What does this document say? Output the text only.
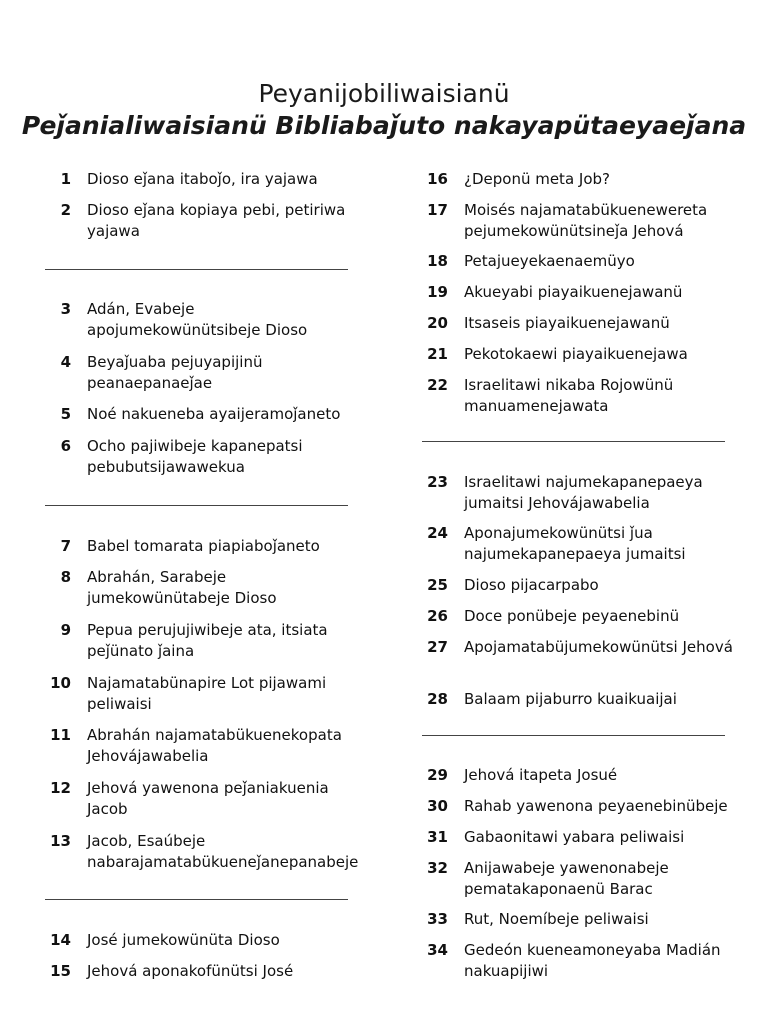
Peyanijobiliwaisianü
Peǰanialiwaisianü Bibliabaǰuto nakayapütaeyaeǰana
1 Dioso eǰana itaboǰo, ira yajawa
2 Dioso eǰana kopiaya pebi, petiriwa yajawa
3 Adán, Evabeje apojumekowünütsibeje Dioso
4 Beyaǰuaba pejuyapijinü peanaepanaeǰae
5 Noé nakueneba ayaijeramoǰaneto
6 Ocho pajiwibeje kapanepatsi pebubutsijawawekua
7 Babel tomarata piapiaboǰaneto
8 Abrahán, Sarabeje jumekowünütabeje Dioso
9 Pepua perujujiwibeje ata, itsiata peǰünato ǰaina
10 Najamatabünapire Lot pijawami peliwaisi
11 Abrahán najamatabükuenekopata Jehovájawabelia
12 Jehová yawenona peǰaniakuenia Jacob
13 Jacob, Esaúbeje nabarajamatabükueneǰanepanabeje
14 José jumekowünüta Dioso
15 Jehová aponakofünütsi José
16 ¿Deponü meta Job?
17 Moisés najamatabükuenewereta pejumekowünütsineǰa Jehová
18 Petajueyekaenaemüyo
19 Akueyabi piayaikuenejawanü
20 Itsaseis piayaikuenejawanü
21 Pekotokaewi piayaikuenejawa
22 Israelitawi nikaba Rojowünü manuamenejawata
23 Israelitawi najumekapanepaeya jumaitsi Jehovájawabelia
24 Aponajumekowünütsi ǰua najumekapanepaeya jumaitsi
25 Dioso pijacarpabo
26 Doce ponübeje peyaenebinü
27 Apojamatabüjumekowünütsi Jehová
28 Balaam pijaburro kuaikuaijai
29 Jehová itapeta Josué
30 Rahab yawenona peyaenebinübeje
31 Gabaonitawi yabara peliwaisi
32 Anijawabeje yawenonabeje pematakaponaenü Barac
33 Rut, Noemíbeje peliwaisi
34 Gedeón kueneamoneyaba Madián nakuapijiwi
